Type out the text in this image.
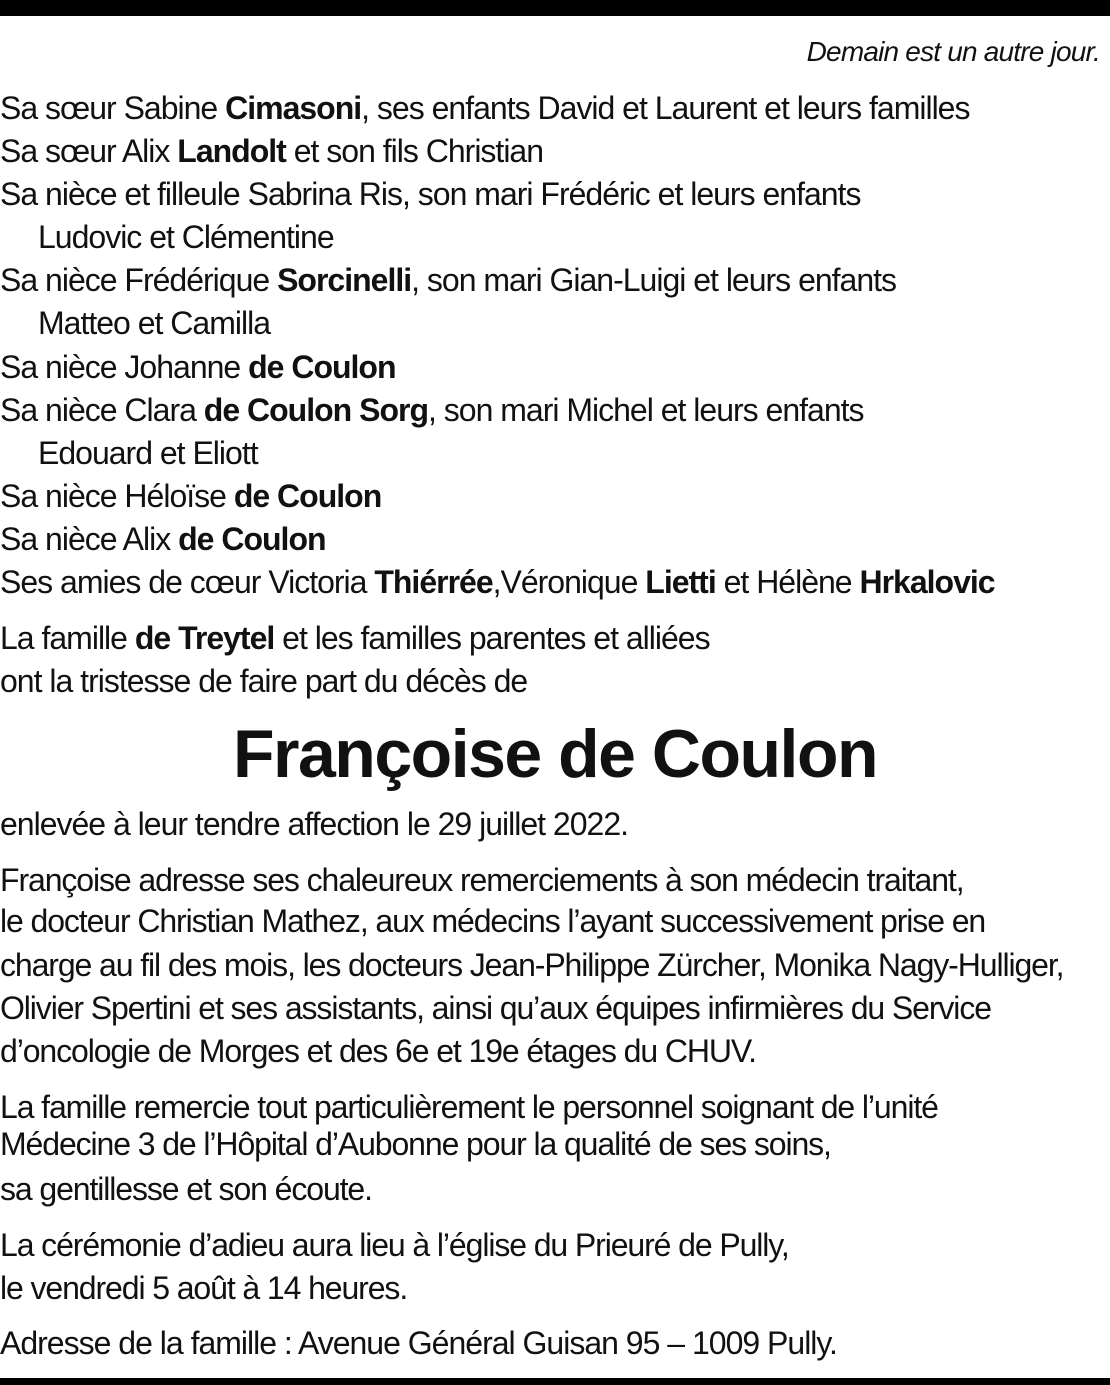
Demain est un autre jour.
Sa sœur Sabine Cimasoni, ses enfants David et Laurent et leurs familles
Sa sœur Alix Landolt et son fils Christian
Sa nièce et filleule Sabrina Ris, son mari Frédéric et leurs enfants
Ludovic et Clémentine
Sa nièce Frédérique Sorcinelli, son mari Gian-Luigi et leurs enfants
Matteo et Camilla
Sa nièce Johanne de Coulon
Sa nièce Clara de Coulon Sorg, son mari Michel et leurs enfants
Edouard et Eliott
Sa nièce Héloïse de Coulon
Sa nièce Alix de Coulon
Ses amies de cœur Victoria Thiérrée,Véronique Lietti et Hélène Hrkalovic
La famille de Treytel et les familles parentes et alliées
ont la tristesse de faire part du décès de
Françoise de Coulon
enlevée à leur tendre affection le 29 juillet 2022.
Françoise adresse ses chaleureux remerciements à son médecin traitant,
le docteur Christian Mathez, aux médecins l’ayant successivement prise en
charge au fil des mois, les docteurs Jean-Philippe Zürcher, Monika Nagy-Hulliger,
Olivier Spertini et ses assistants, ainsi qu’aux équipes infirmières du Service
d’oncologie de Morges et des 6e et 19e étages du CHUV.
La famille remercie tout particulièrement le personnel soignant de l’unité
Médecine 3 de l’Hôpital d’Aubonne pour la qualité de ses soins,
sa gentillesse et son écoute.
La cérémonie d’adieu aura lieu à l’église du Prieuré de Pully,
le vendredi 5 août à 14 heures.
Adresse de la famille : Avenue Général Guisan 95 – 1009 Pully.
